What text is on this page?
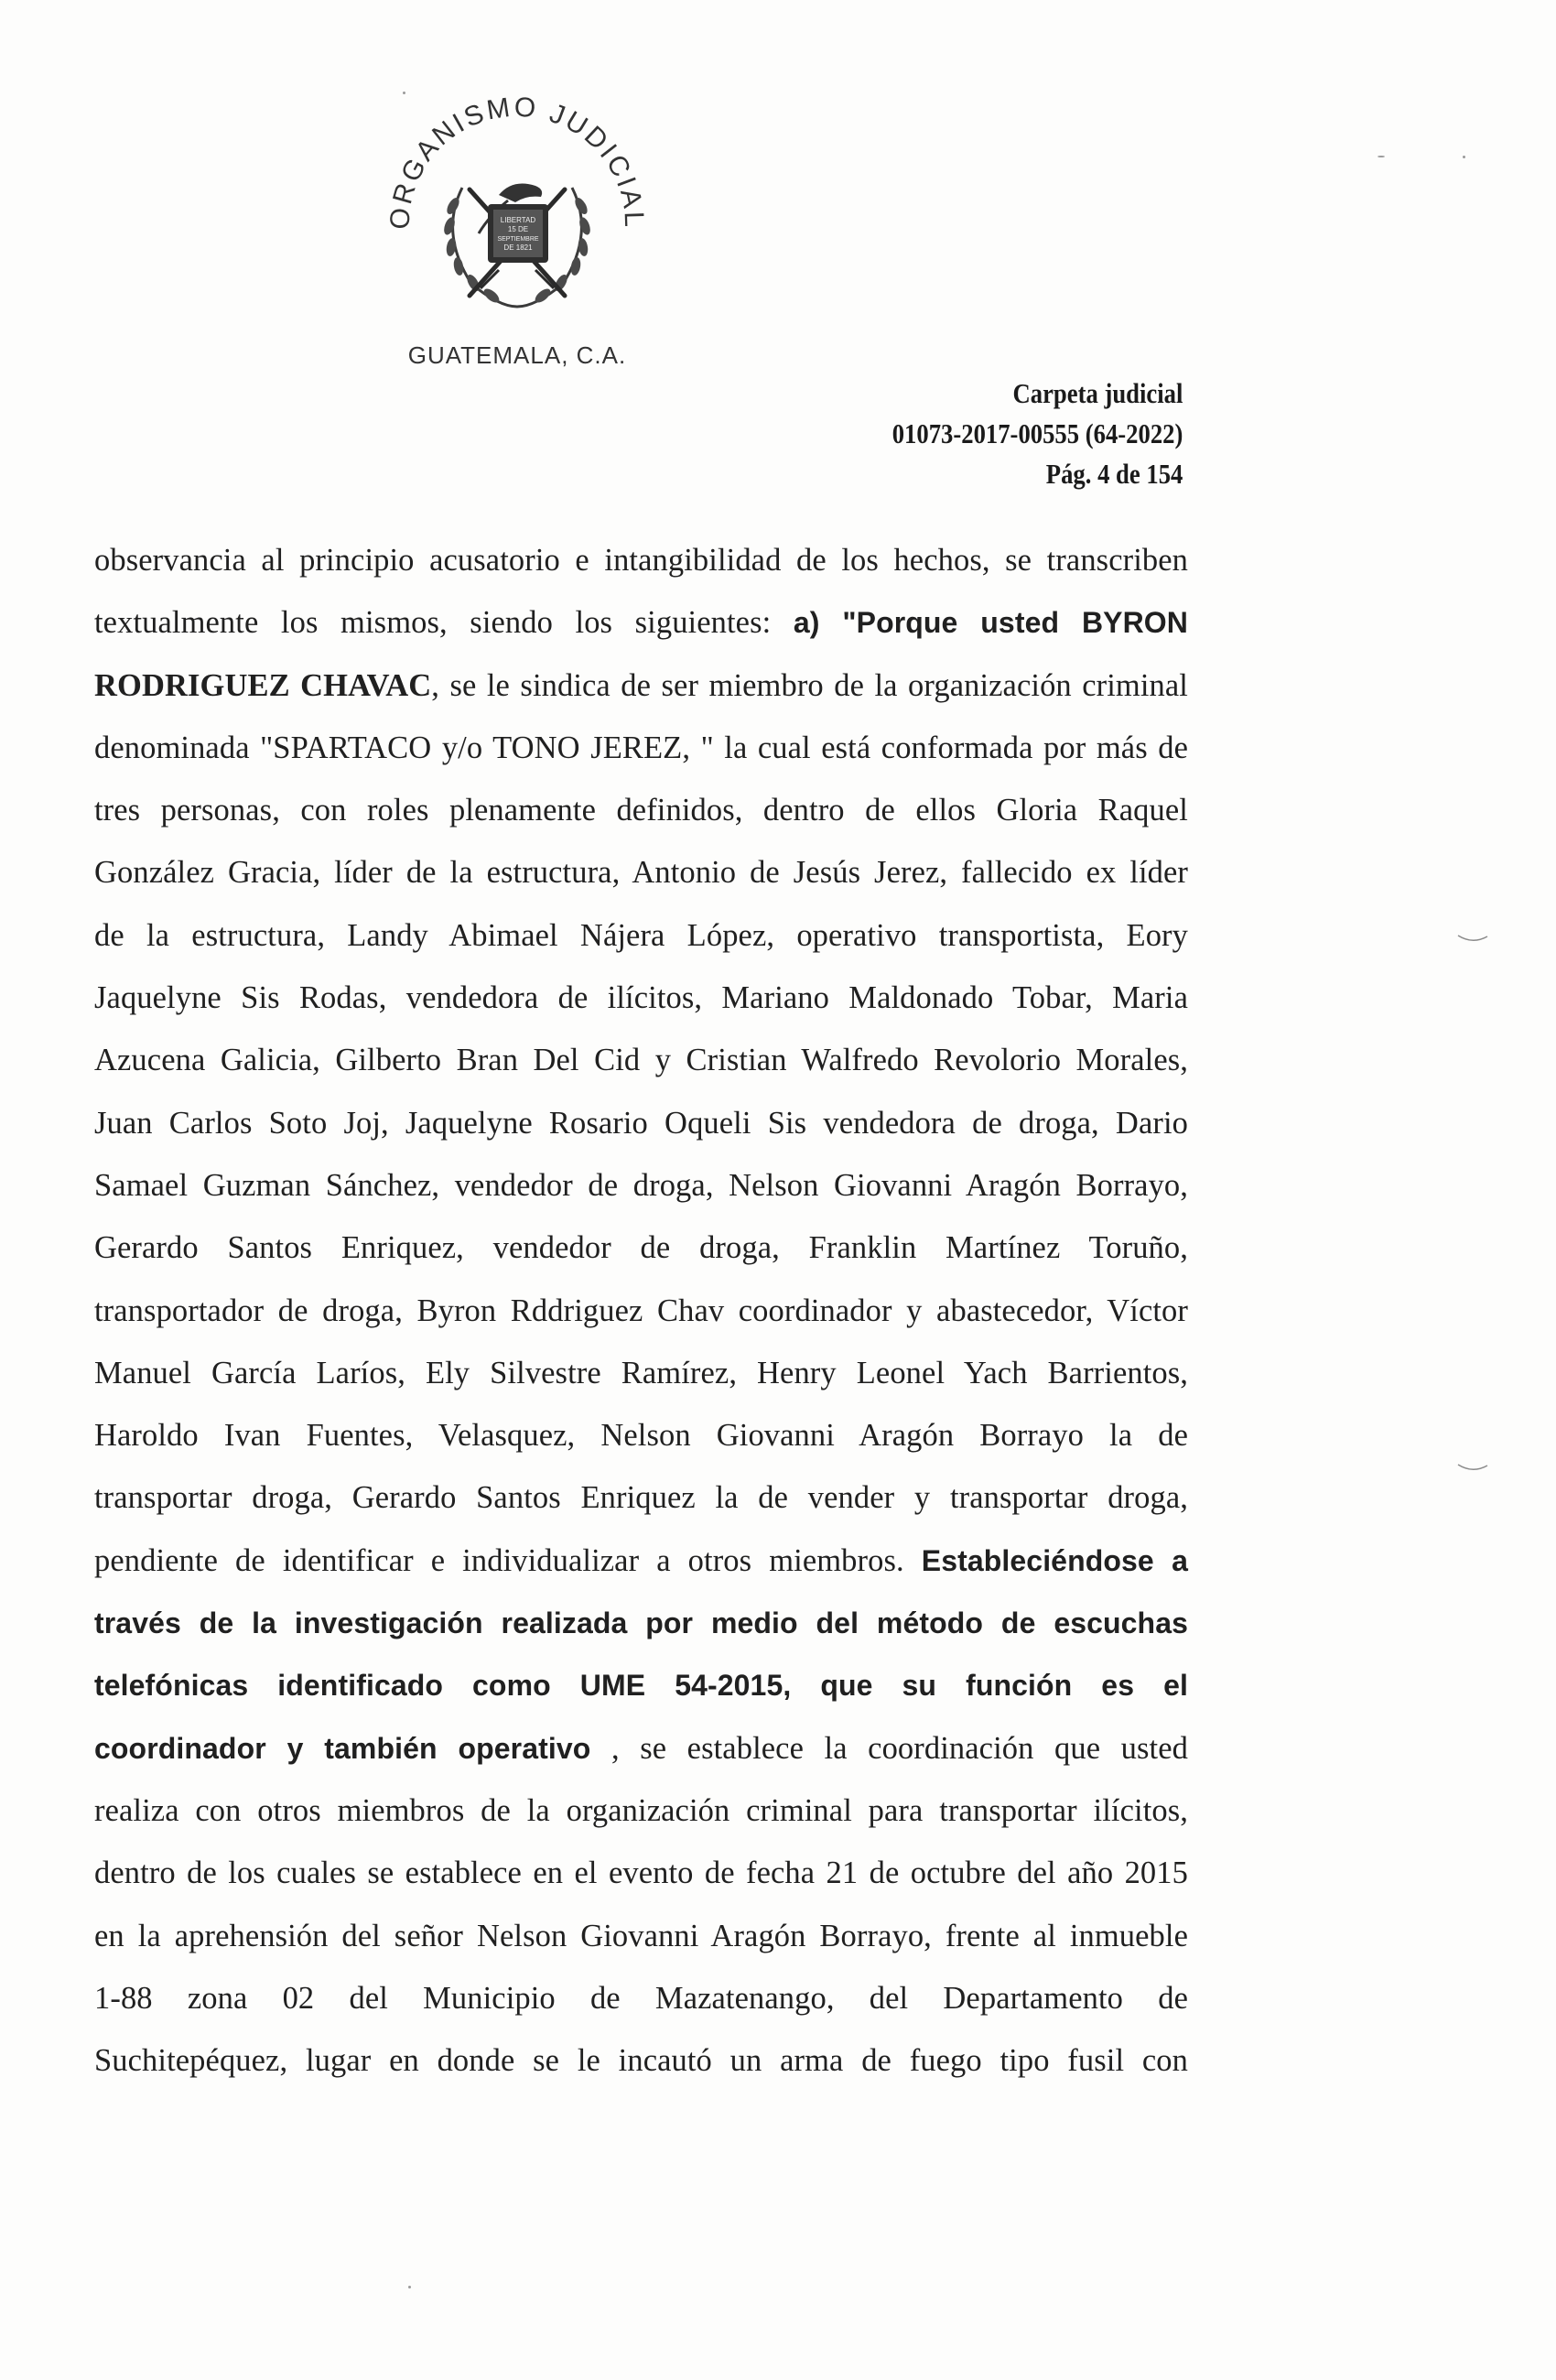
ORGANISMO JUDICIAL
LIBERTAD
15 DE
SEPTIEMBRE
DE 1821
GUATEMALA, C.A.
Carpeta judicial
01073-2017-00555 (64-2022)
Pág. 4 de 154
observancia al principio acusatorio e intangibilidad de los hechos, se transcriben
textualmente los mismos, siendo los siguientes: a) "Porque usted BYRON
RODRIGUEZ CHAVAC, se le sindica de ser miembro de la organización criminal
denominada "SPARTACO y/o TONO JEREZ, " la cual está conformada por más de
tres personas, con roles plenamente definidos, dentro de ellos Gloria Raquel
González Gracia, líder de la estructura, Antonio de Jesús Jerez, fallecido ex líder
de la estructura, Landy Abimael Nájera López, operativo transportista, Eory
Jaquelyne Sis Rodas, vendedora de ilícitos, Mariano Maldonado Tobar, Maria
Azucena Galicia, Gilberto Bran Del Cid y Cristian Walfredo Revolorio Morales,
Juan Carlos Soto Joj, Jaquelyne Rosario Oqueli Sis vendedora de droga, Dario
Samael Guzman Sánchez, vendedor de droga, Nelson Giovanni Aragón Borrayo,
Gerardo Santos Enriquez, vendedor de droga, Franklin Martínez Toruño,
transportador de droga, Byron Rddriguez Chav coordinador y abastecedor, Víctor
Manuel García Laríos, Ely Silvestre Ramírez, Henry Leonel Yach Barrientos,
Haroldo Ivan Fuentes, Velasquez, Nelson Giovanni Aragón Borrayo la de
transportar droga, Gerardo Santos Enriquez la de vender y transportar droga,
pendiente de identificar e individualizar a otros miembros. Estableciéndose a
través de la investigación realizada por medio del método de escuchas
telefónicas identificado como UME 54-2015, que su función es el
coordinador y también operativo , se establece la coordinación que usted
realiza con otros miembros de la organización criminal para transportar ilícitos,
dentro de los cuales se establece en el evento de fecha 21 de octubre del año 2015
en la aprehensión del señor Nelson Giovanni Aragón Borrayo, frente al inmueble
1-88 zona 02 del Municipio de Mazatenango, del Departamento de
Suchitepéquez, lugar en donde se le incautó un arma de fuego tipo fusil con
